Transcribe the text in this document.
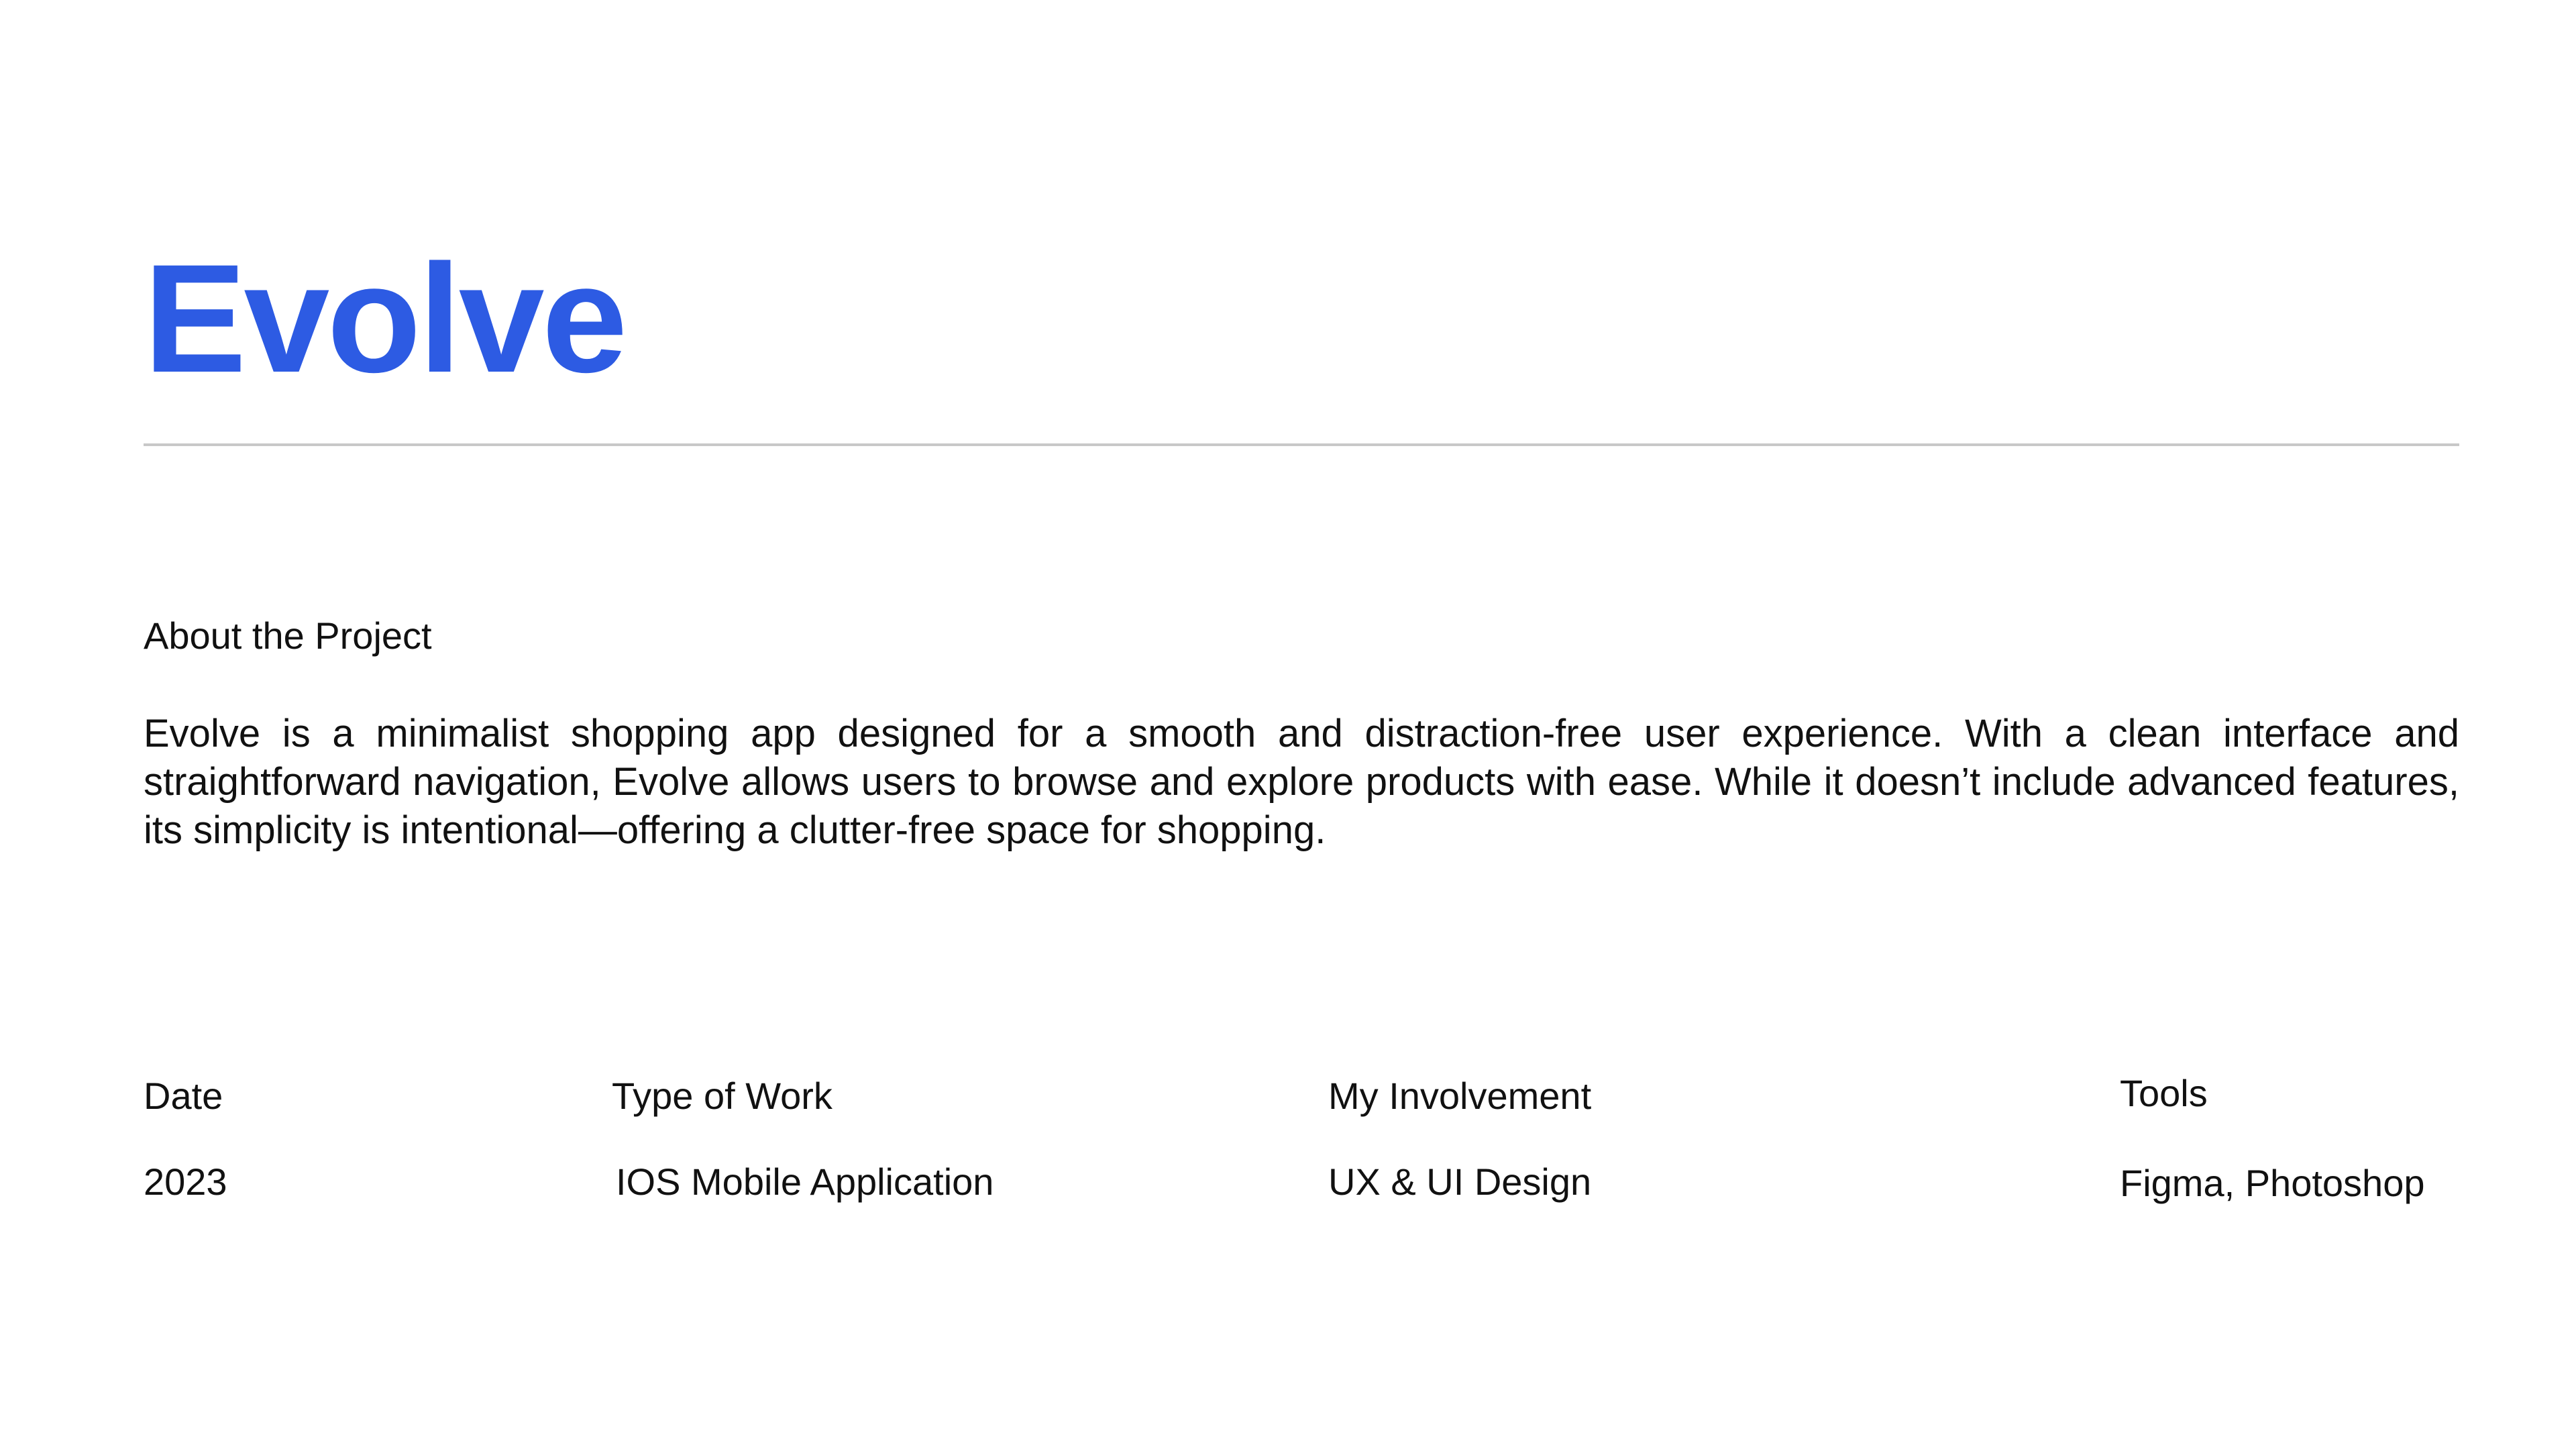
Evolve
About the Project

Evolve is a minimalist shopping app designed for a smooth and distraction-free user experience. With a clean interface and straightforward navigation, Evolve allows users to browse and explore products with ease. While it doesn’t include advanced features, its simplicity is intentional—offering a clutter-free space for shopping.

Date
2023
Type of Work
IOS Mobile Application
My Involvement
UX & UI Design
Tools
Figma, Photoshop
